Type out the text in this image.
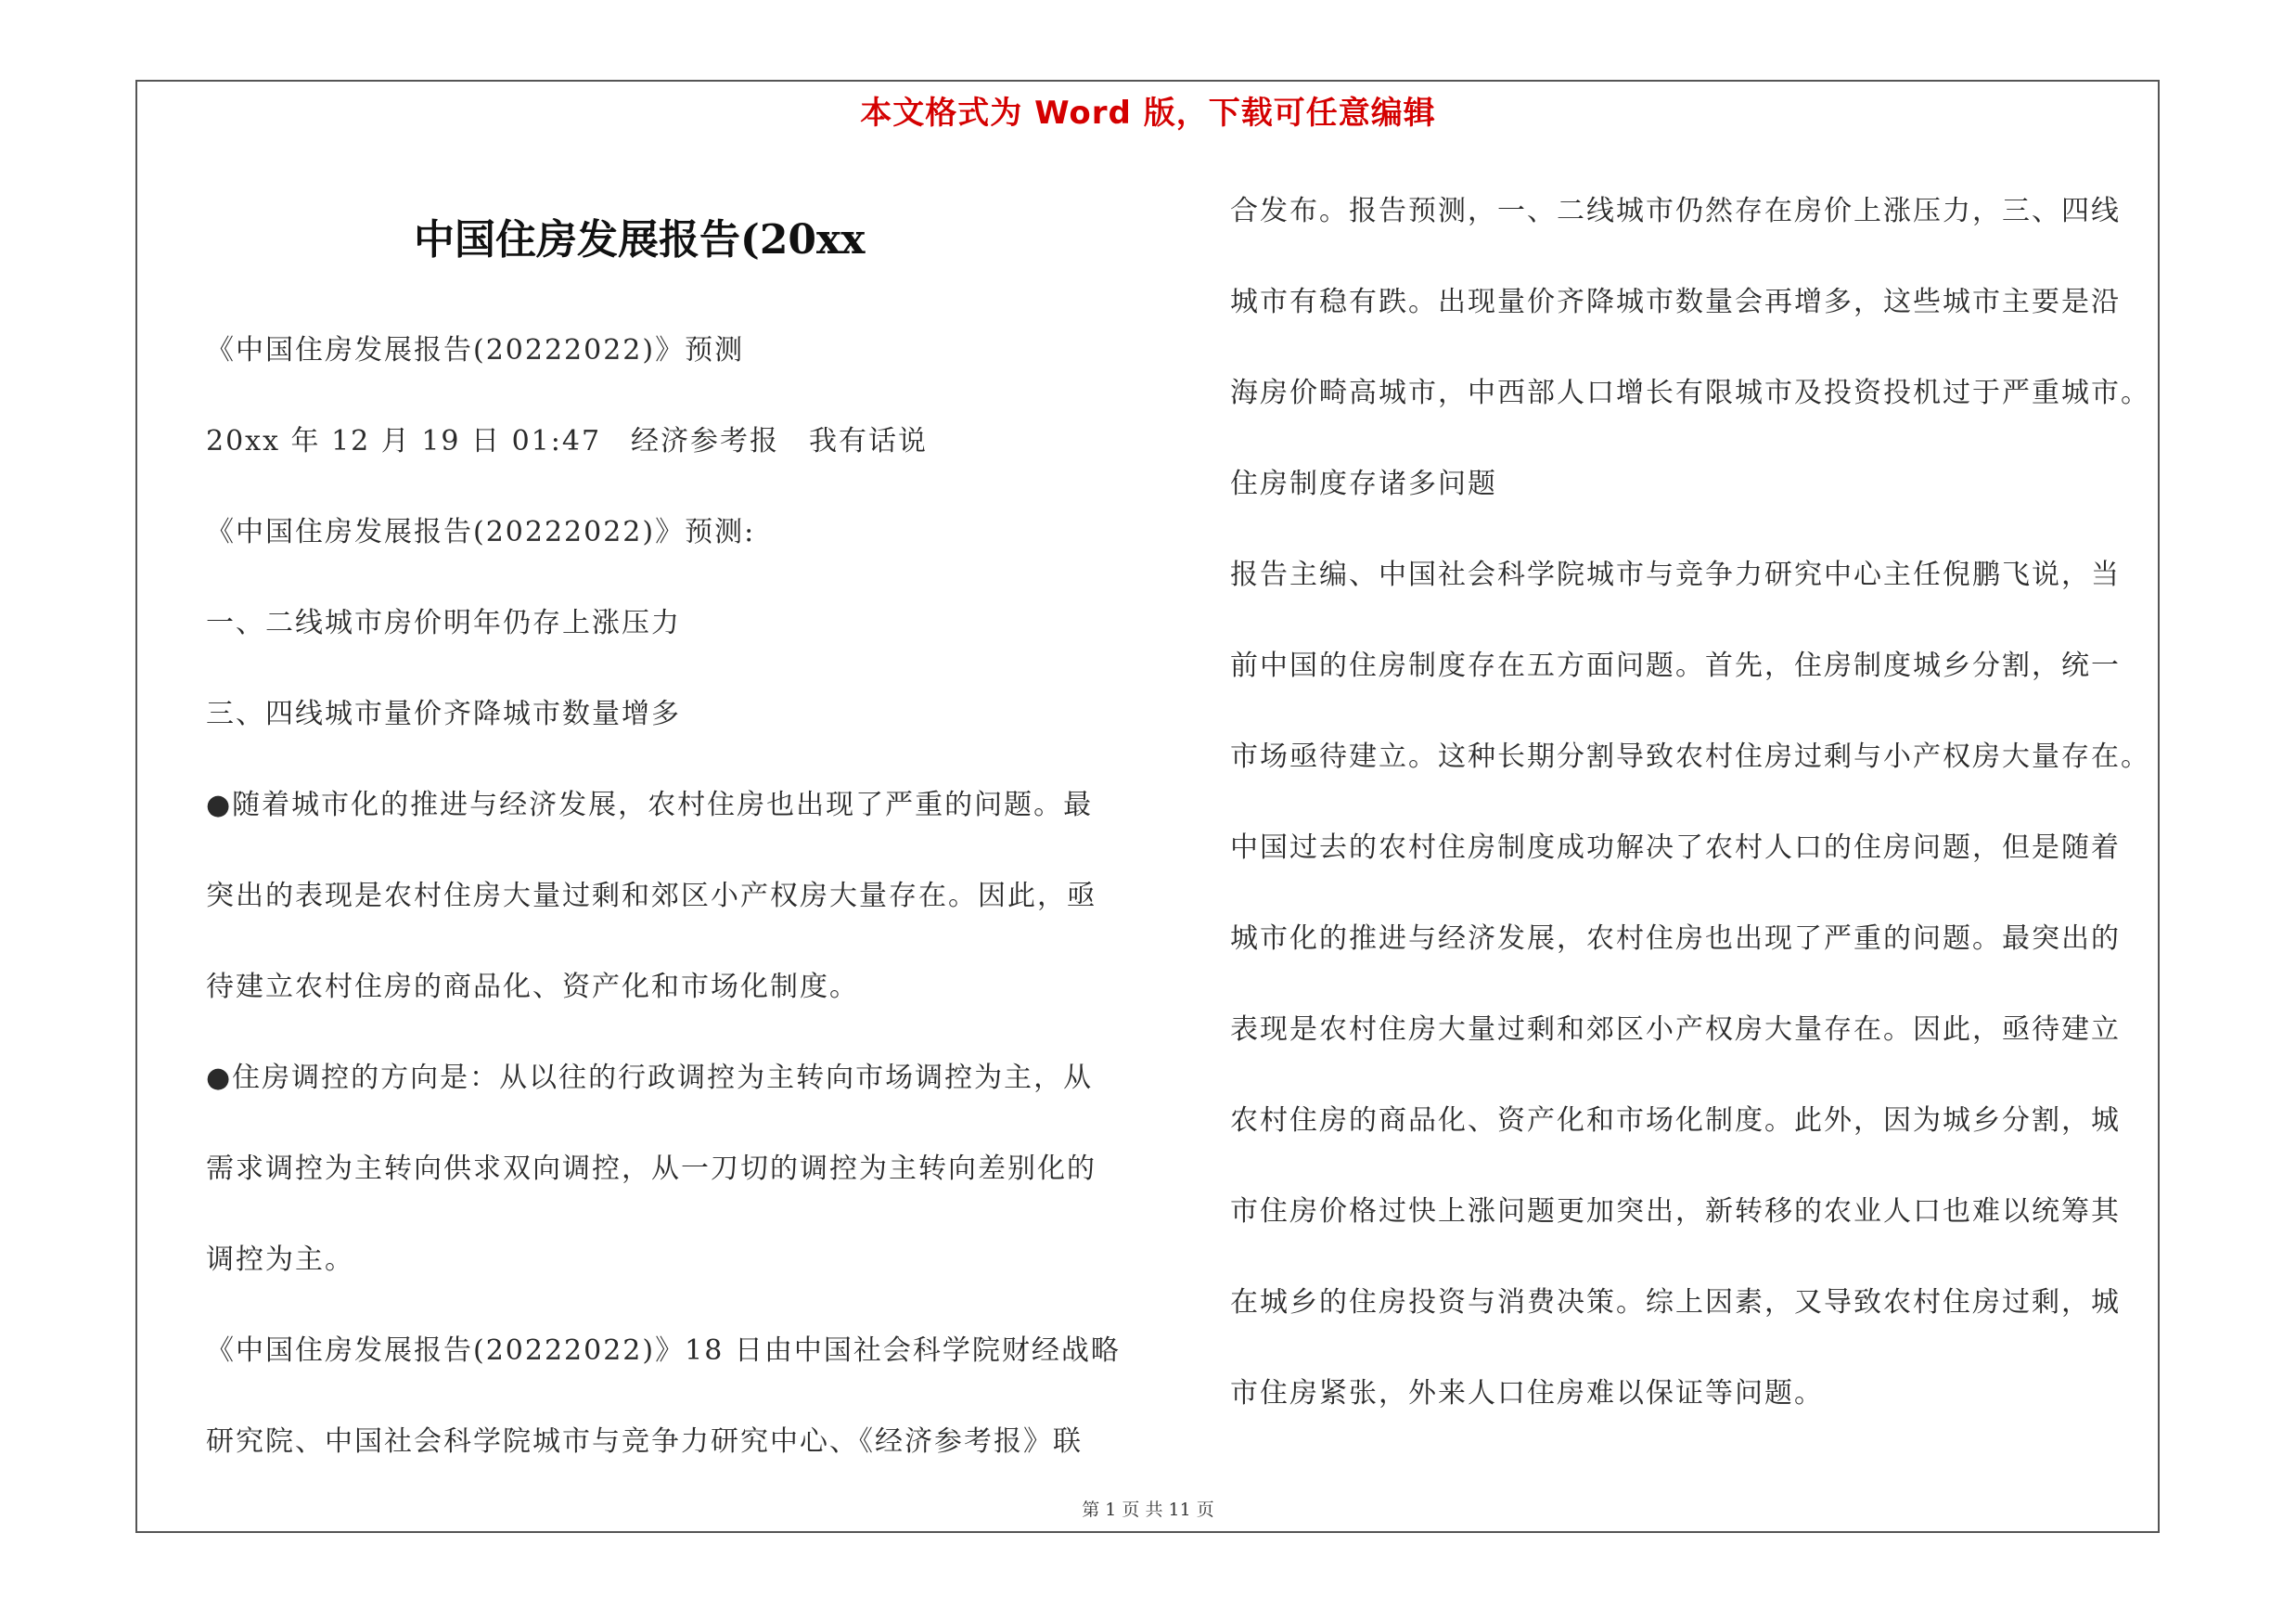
本文格式为 Word 版，下载可任意编辑
中国住房发展报告(20xx
《中国住房发展报告(20222022)》预测
20xx 年 12 月 19 日 01:47　经济参考报　我有话说
《中国住房发展报告(20222022)》预测:
一、二线城市房价明年仍存上涨压力
三、四线城市量价齐降城市数量增多
●随着城市化的推进与经济发展，农村住房也出现了严重的问题。最
突出的表现是农村住房大量过剩和郊区小产权房大量存在。因此，亟
待建立农村住房的商品化、资产化和市场化制度。
●住房调控的方向是：从以往的行政调控为主转向市场调控为主，从
需求调控为主转向供求双向调控，从一刀切的调控为主转向差别化的
调控为主。
《中国住房发展报告(20222022)》18 日由中国社会科学院财经战略
研究院、中国社会科学院城市与竞争力研究中心、《经济参考报》联
合发布。报告预测，一、二线城市仍然存在房价上涨压力，三、四线
城市有稳有跌。出现量价齐降城市数量会再增多，这些城市主要是沿
海房价畸高城市，中西部人口增长有限城市及投资投机过于严重城市。
住房制度存诸多问题
报告主编、中国社会科学院城市与竞争力研究中心主任倪鹏飞说，当
前中国的住房制度存在五方面问题。首先，住房制度城乡分割，统一
市场亟待建立。这种长期分割导致农村住房过剩与小产权房大量存在。
中国过去的农村住房制度成功解决了农村人口的住房问题，但是随着
城市化的推进与经济发展，农村住房也出现了严重的问题。最突出的
表现是农村住房大量过剩和郊区小产权房大量存在。因此，亟待建立
农村住房的商品化、资产化和市场化制度。此外，因为城乡分割，城
市住房价格过快上涨问题更加突出，新转移的农业人口也难以统筹其
在城乡的住房投资与消费决策。综上因素，又导致农村住房过剩，城
市住房紧张，外来人口住房难以保证等问题。
第 1 页 共 11 页
